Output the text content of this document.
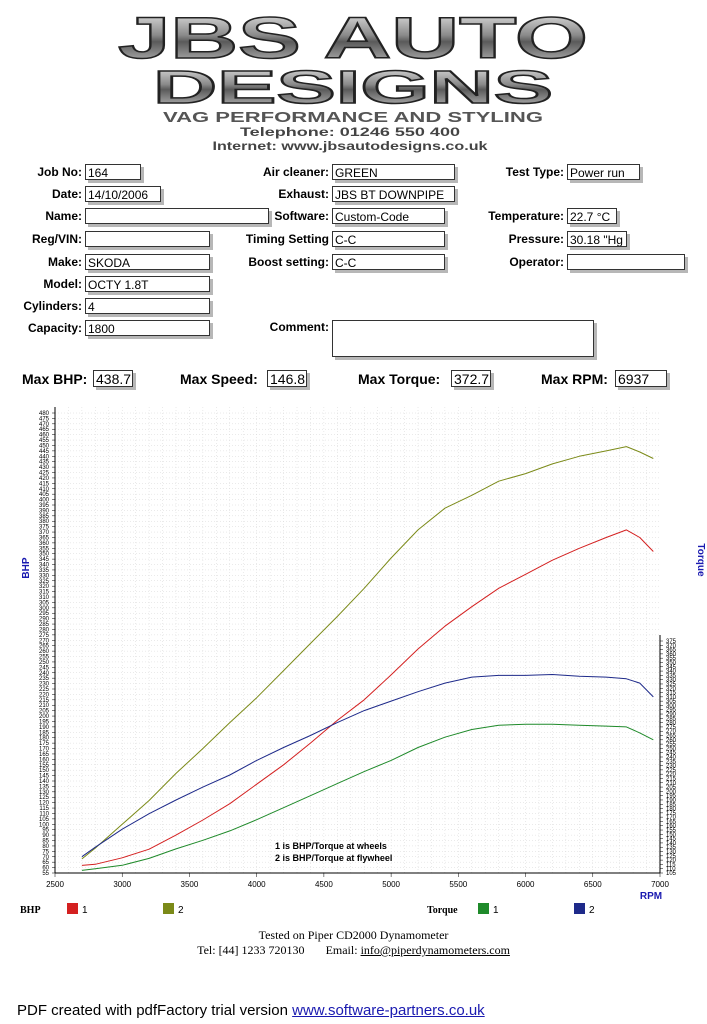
JBS AUTO
DESIGNS
VAG PERFORMANCE AND STYLING
Telephone: 01246 550 400
Internet: www.jbsautodesigns.co.uk
Job No: 164
Date: 14/10/2006
Name:
Reg/VIN:
Make: SKODA
Model: OCTY 1.8T
Cylinders: 4
Capacity: 1800
Air cleaner: GREEN
Exhaust: JBS BT DOWNPIPE
Software: Custom-Code
Timing Setting C-C
Boost setting: C-C
Comment:
Test Type: Power run
Temperature: 22.7 °C
Pressure: 30.18 "Hg
Operator:
Max BHP: 438.7	Max Speed: 146.8	Max Torque: 372.7	Max RPM: 6937
55
60
65
70
75
80
85
90
95
100
105
110
115
120
125
130
135
140
145
150
155
160
165
170
175
180
185
190
195
200
205
210
215
220
225
230
235
240
245
250
255
260
265
270
275
280
285
290
295
300
305
310
315
320
325
330
335
340
345
350
355
360
365
370
375
380
385
390
395
400
405
410
415
420
425
430
435
440
445
450
455
460
465
470
475
480
105
110
115
120
125
130
135
140
145
150
155
160
165
170
175
180
185
190
195
200
205
210
215
220
225
230
235
240
245
250
255
260
265
270
275
280
285
290
295
300
305
310
315
320
325
330
335
340
345
350
355
360
365
370
375
2500	3000	3500	4000	4500	5000	5500	6000	6500	7000
BHP	Torque
RPM
1 is BHP/Torque at wheels
2 is BHP/Torque at flywheel
BHP	1	2	Torque	1	2
Tested on Piper CD2000 Dynamometer
Tel: [44] 1233 720130 Email: info@piperdynamometers.com
PDF created with pdfFactory trial version www.software-partners.co.uk
